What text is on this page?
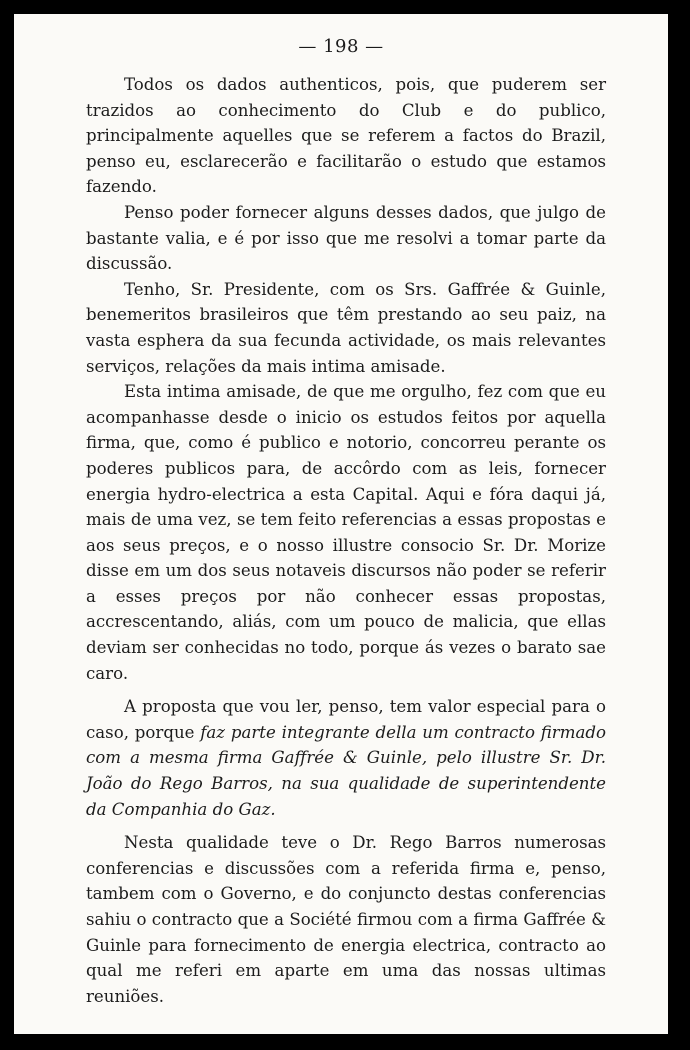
— 198 —

Todos os dados authenticos, pois, que puderem ser trazidos ao conhecimento do Club e do publico, principalmente aquelles que se referem a factos do Brazil, penso eu, esclarecerão e facilitarão o estudo que estamos fazendo.

Penso poder fornecer alguns desses dados, que julgo de bastante valia, e é por isso que me resolvi a tomar parte da discussão.

Tenho, Sr. Presidente, com os Srs. Gaffrée & Guinle, benemeritos brasileiros que têm prestando ao seu paiz, na vasta esphera da sua fecunda actividade, os mais relevantes serviços, relações da mais intima amisade.

Esta intima amisade, de que me orgulho, fez com que eu acompanhasse desde o inicio os estudos feitos por aquella firma, que, como é publico e notorio, concorreu perante os poderes publicos para, de accôrdo com as leis, fornecer energia hydro-electrica a esta Capital. Aqui e fóra daqui já, mais de uma vez, se tem feito referencias a essas propostas e aos seus preços, e o nosso illustre consocio Sr. Dr. Morize disse em um dos seus notaveis discursos não poder se referir a esses preços por não conhecer essas propostas, accrescentando, aliás, com um pouco de malicia, que ellas deviam ser conhecidas no todo, porque ás vezes o barato sae caro.

A proposta que vou ler, penso, tem valor especial para o caso, porque faz parte integrante della um contracto firmado com a mesma firma Gaffrée & Guinle, pelo illustre Sr. Dr. João do Rego Barros, na sua qualidade de superintendente da Companhia do Gaz.

Nesta qualidade teve o Dr. Rego Barros numerosas conferencias e discussões com a referida firma e, penso, tambem com o Governo, e do conjuncto destas conferencias sahiu o contracto que a Société firmou com a firma Gaffrée & Guinle para fornecimento de energia electrica, contracto ao qual me referi em aparte em uma das nossas ultimas reuniões.
